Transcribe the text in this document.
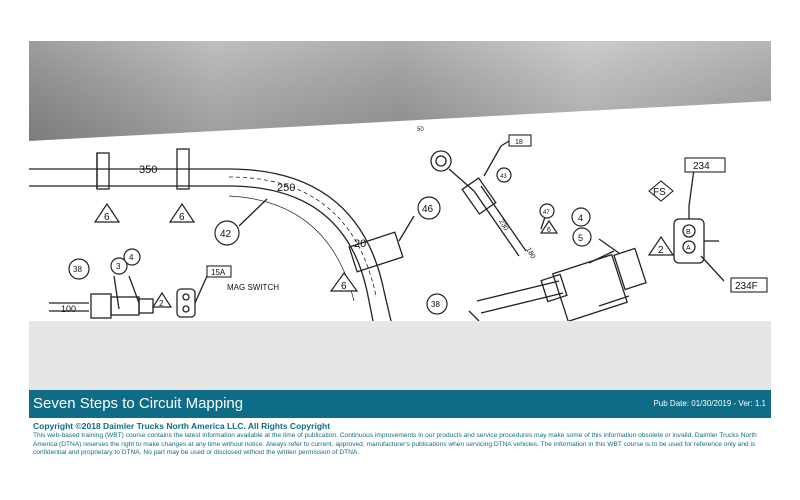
350
250
20
100
230
180
42
46
4
5
38	3
4
38
43
47
50
6	6
6
6
2
2
234
234F
15A
18
FS
MAG SWITCH
B
A
Seven Steps to Circuit Mapping	Pub Date: 01/30/2019 - Ver: 1.1
Copyright ©2018 Daimler Trucks North America LLC. All Rights Copyright
This web-based training (WBT) course contains the latest information available at the time of publication. Continuous improvements in our products and service procedures may make some of this information obsolete or invalid. Daimler Trucks North America (DTNA) reserves the right to make changes at any time without notice. Always refer to current, approved, manufacturer's publications when servicing DTNA vehicles. The information in this WBT course is to be used for reference only and is confidential and proprietary to DTNA. No part may be used or disclosed without the written permission of DTNA.
